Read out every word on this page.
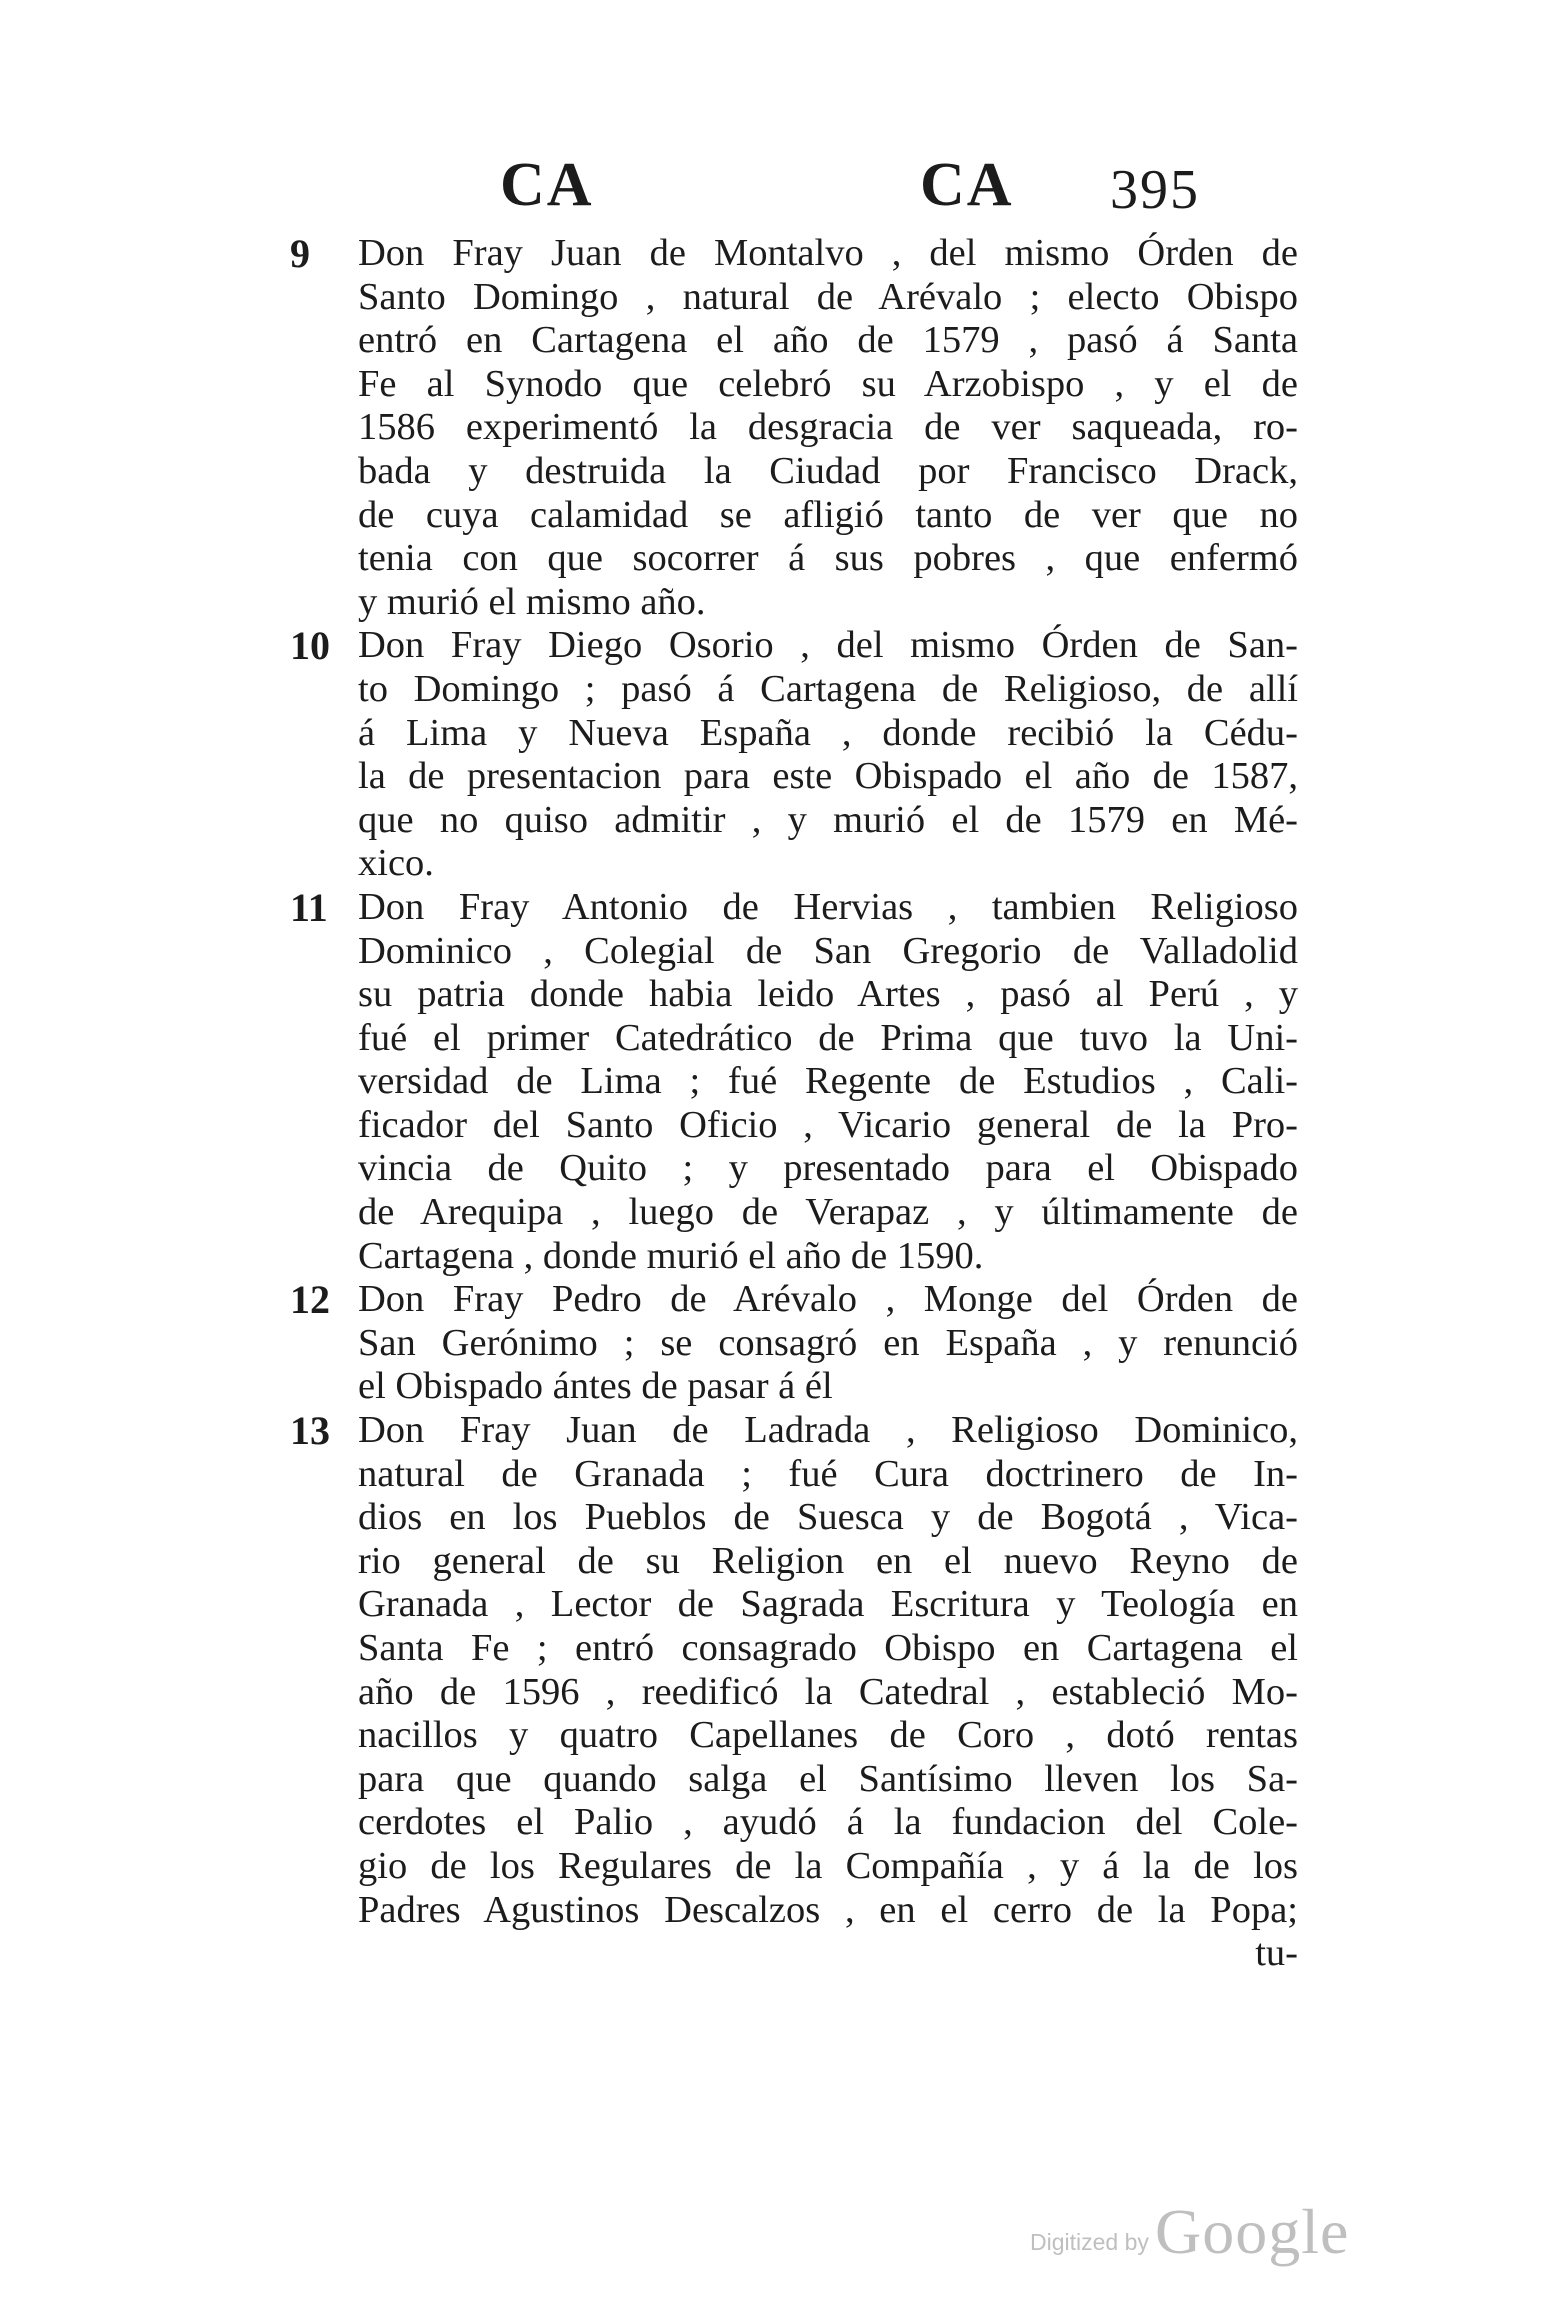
CA	CA 395
9 Don Fray Juan de Montalvo , del mismo Órden de
Santo Domingo , natural de Arévalo ; electo Obispo
entró en Cartagena el año de 1579 , pasó á Santa
Fe al Synodo que celebró su Arzobispo , y el de
1586 experimentó la desgracia de ver saqueada, ro-
bada y destruida la Ciudad por Francisco Drack,
de cuya calamidad se afligió tanto de ver que no
tenia con que socorrer á sus pobres , que enfermó
y murió el mismo año.
10 Don Fray Diego Osorio , del mismo Órden de San-
to Domingo ; pasó á Cartagena de Religioso, de allí
á Lima y Nueva España , donde recibió la Cédu-
la de presentacion para este Obispado el año de 1587,
que no quiso admitir , y murió el de 1579 en Mé-
xico.
11 Don Fray Antonio de Hervias , tambien Religioso
Dominico , Colegial de San Gregorio de Valladolid
su patria donde habia leido Artes , pasó al Perú , y
fué el primer Catedrático de Prima que tuvo la Uni-
versidad de Lima ; fué Regente de Estudios , Cali-
ficador del Santo Oficio , Vicario general de la Pro-
vincia de Quito ; y presentado para el Obispado
de Arequipa , luego de Verapaz , y últimamente de
Cartagena , donde murió el año de 1590.
12 Don Fray Pedro de Arévalo , Monge del Órden de
San Gerónimo ; se consagró en España , y renunció
el Obispado ántes de pasar á él
13 Don Fray Juan de Ladrada , Religioso Dominico,
natural de Granada ; fué Cura doctrinero de In-
dios en los Pueblos de Suesca y de Bogotá , Vica-
rio general de su Religion en el nuevo Reyno de
Granada , Lector de Sagrada Escritura y Teología en
Santa Fe ; entró consagrado Obispo en Cartagena el
año de 1596 , reedificó la Catedral , estableció Mo-
nacillos y quatro Capellanes de Coro , dotó rentas
para que quando salga el Santísimo lleven los Sa-
cerdotes el Palio , ayudó á la fundacion del Cole-
gio de los Regulares de la Compañía , y á la de los
Padres Agustinos Descalzos , en el cerro de la Popa;
tu-
Digitized by Google
